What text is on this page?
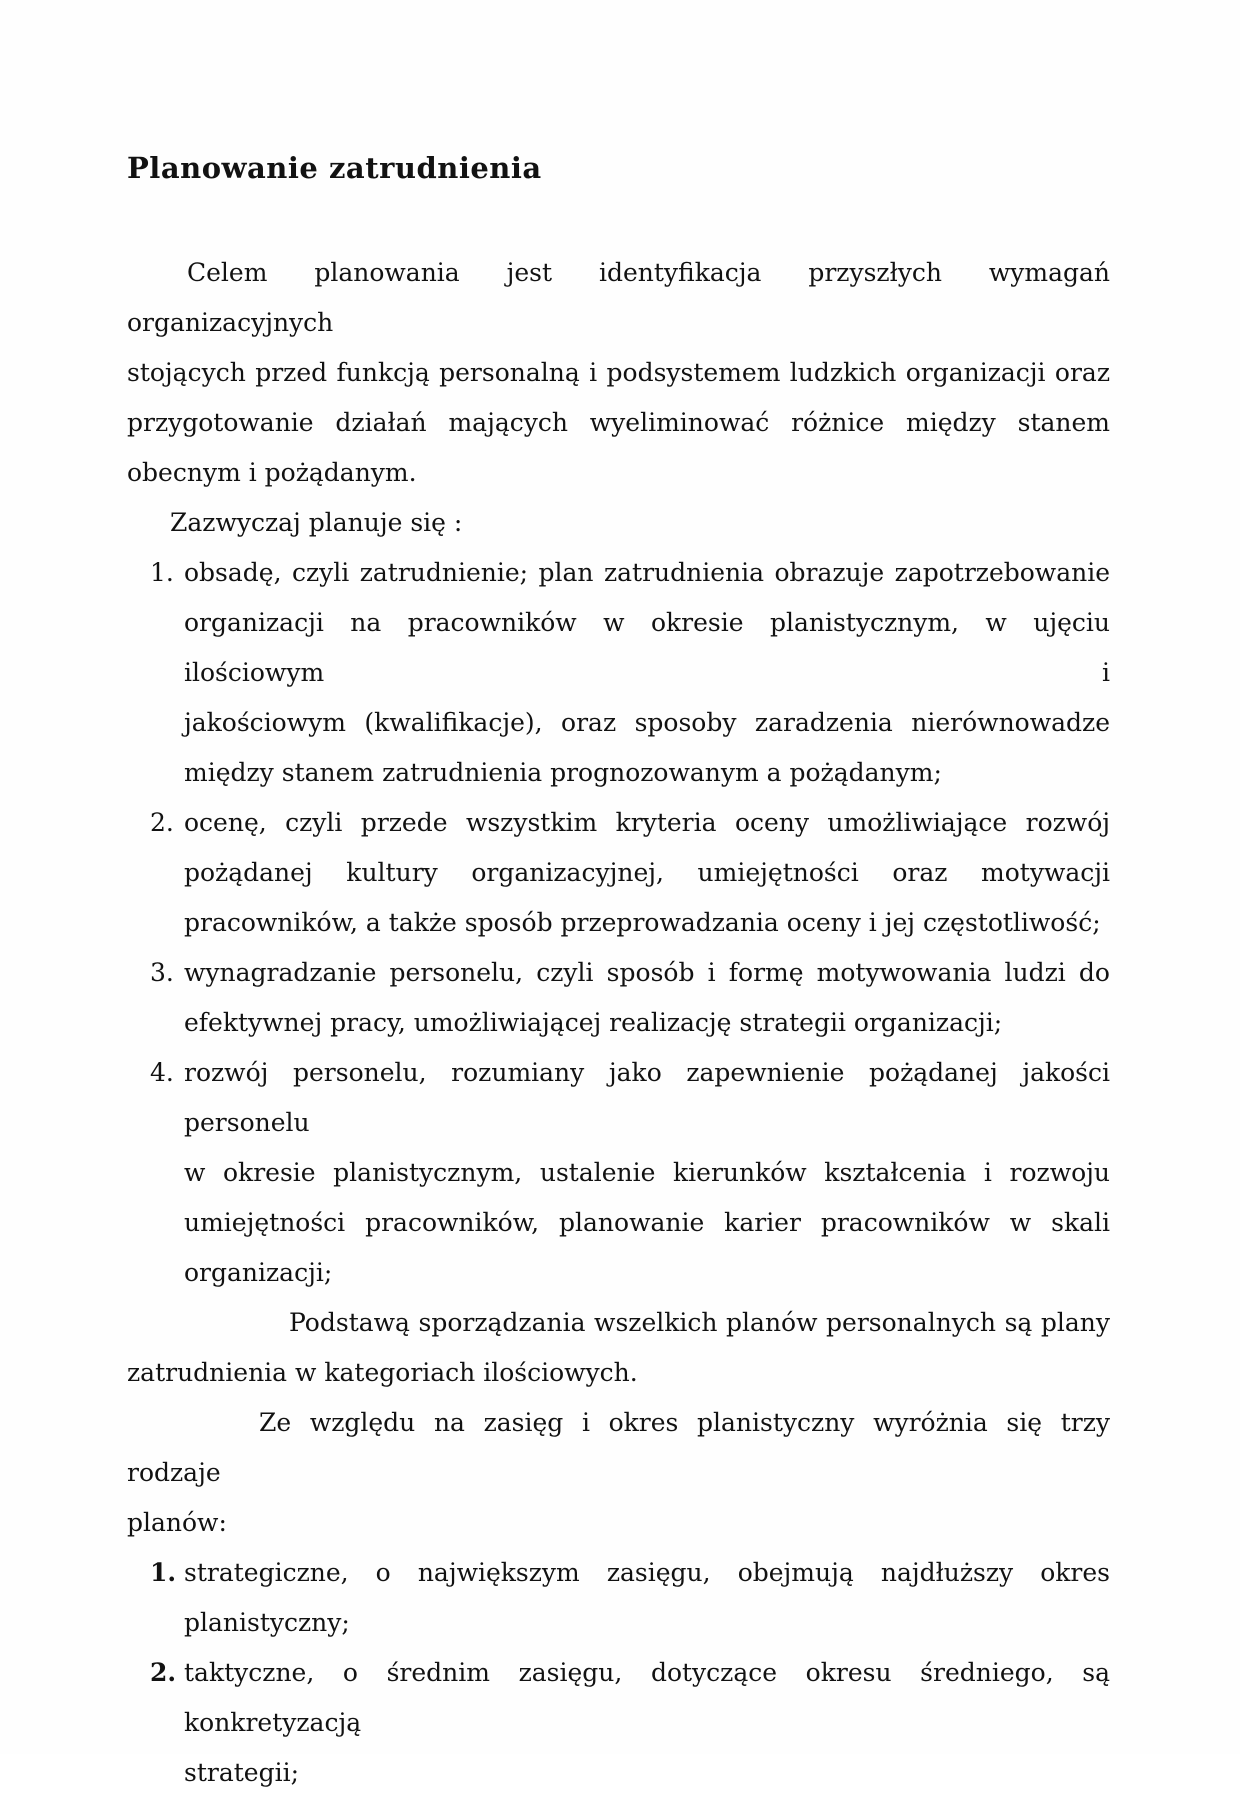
Planowanie zatrudnienia
Celem planowania jest identyfikacja przyszłych wymagań organizacyjnych
stojących przed funkcją personalną i podsystemem ludzkich organizacji oraz
przygotowanie działań mających wyeliminować różnice między stanem
obecnym i pożądanym.
Zazwyczaj planuje się :
1. obsadę, czyli zatrudnienie; plan zatrudnienia obrazuje zapotrzebowanie
organizacji na pracowników w okresie planistycznym, w ujęciu ilościowym i
jakościowym (kwalifikacje), oraz sposoby zaradzenia nierównowadze
między stanem zatrudnienia prognozowanym a pożądanym;
2. ocenę, czyli przede wszystkim kryteria oceny umożliwiające rozwój
pożądanej kultury organizacyjnej, umiejętności oraz motywacji
pracowników, a także sposób przeprowadzania oceny i jej częstotliwość;
3. wynagradzanie personelu, czyli sposób i formę motywowania ludzi do
efektywnej pracy, umożliwiającej realizację strategii organizacji;
4. rozwój personelu, rozumiany jako zapewnienie pożądanej jakości personelu
w okresie planistycznym, ustalenie kierunków kształcenia i rozwoju
umiejętności pracowników, planowanie karier pracowników w skali
organizacji;
Podstawą sporządzania wszelkich planów personalnych są plany
zatrudnienia w kategoriach ilościowych.
Ze względu na zasięg i okres planistyczny wyróżnia się trzy rodzaje
planów:
1. strategiczne, o największym zasięgu, obejmują najdłuższy okres
planistyczny;
2. taktyczne, o średnim zasięgu, dotyczące okresu średniego, są konkretyzacją
strategii;
